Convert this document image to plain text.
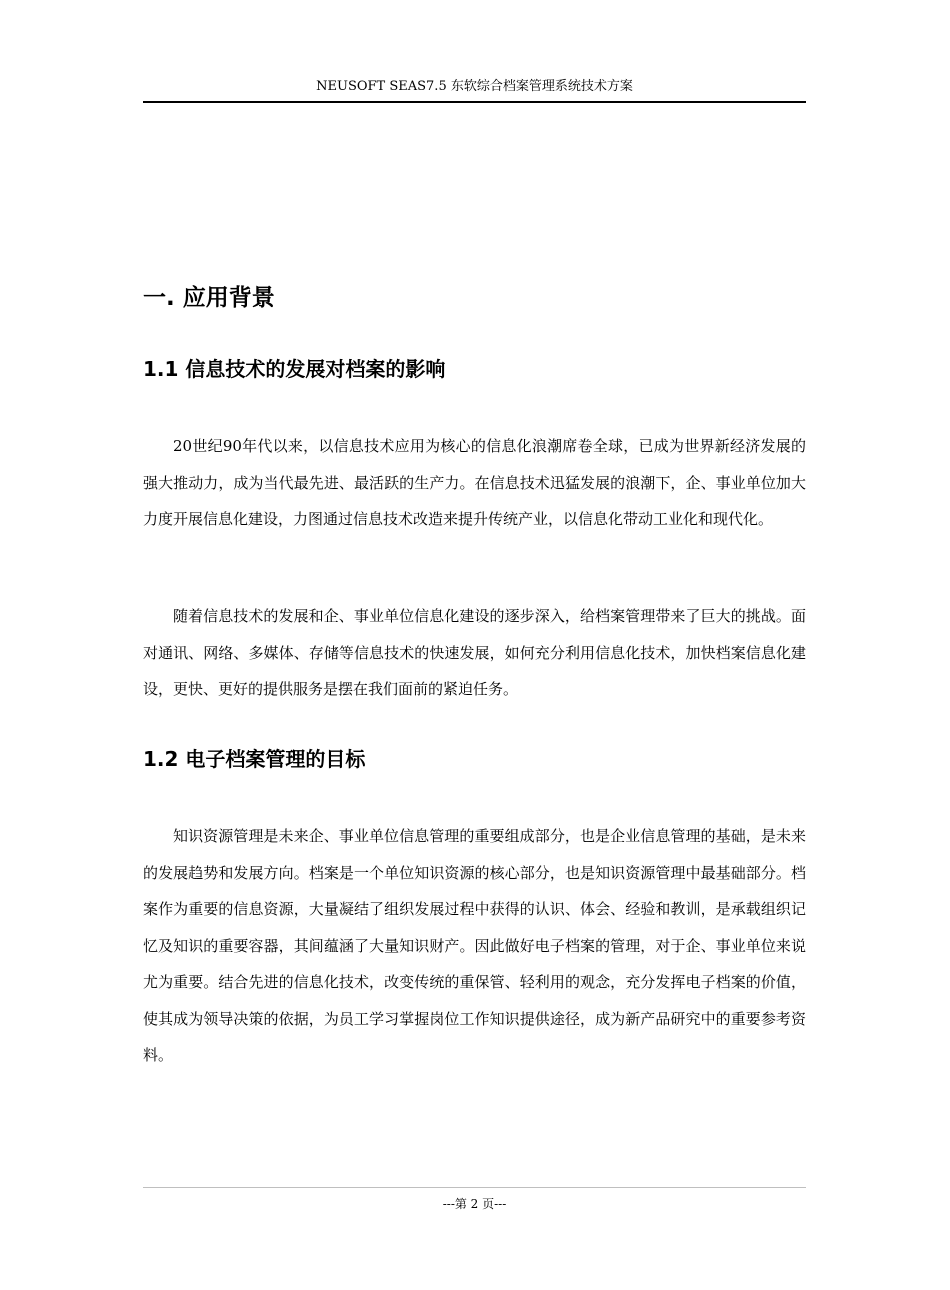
NEUSOFT SEAS7.5 东软综合档案管理系统技术方案
一. 应用背景
1.1 信息技术的发展对档案的影响

20世纪90年代以来，以信息技术应用为核心的信息化浪潮席卷全球，已成为世界新经济发展的强大推动力，成为当代最先进、最活跃的生产力。在信息技术迅猛发展的浪潮下，企、事业单位加大力度开展信息化建设，力图通过信息技术改造来提升传统产业，以信息化带动工业化和现代化。

随着信息技术的发展和企、事业单位信息化建设的逐步深入，给档案管理带来了巨大的挑战。面对通讯、网络、多媒体、存储等信息技术的快速发展，如何充分利用信息化技术，加快档案信息化建设，更快、更好的提供服务是摆在我们面前的紧迫任务。

1.2 电子档案管理的目标

知识资源管理是未来企、事业单位信息管理的重要组成部分，也是企业信息管理的基础，是未来的发展趋势和发展方向。档案是一个单位知识资源的核心部分，也是知识资源管理中最基础部分。档案作为重要的信息资源，大量凝结了组织发展过程中获得的认识、体会、经验和教训，是承载组织记忆及知识的重要容器，其间蕴涵了大量知识财产。因此做好电子档案的管理，对于企、事业单位来说尤为重要。结合先进的信息化技术，改变传统的重保管、轻利用的观念，充分发挥电子档案的价值，使其成为领导决策的依据，为员工学习掌握岗位工作知识提供途径，成为新产品研究中的重要参考资料。

---第 2 页---
